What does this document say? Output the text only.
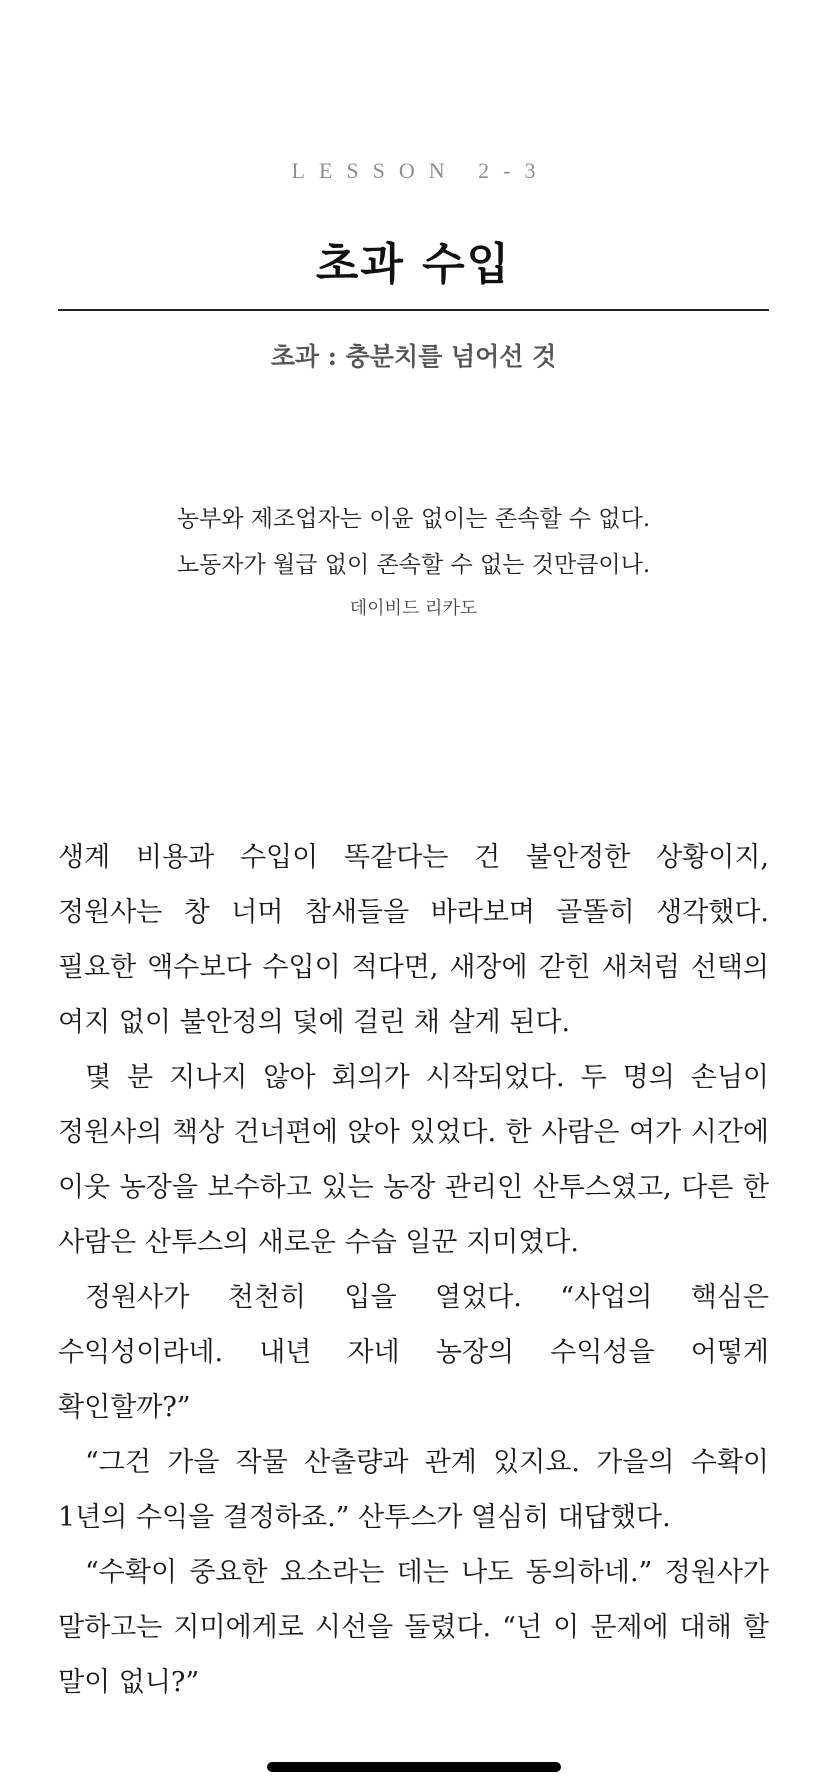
LESSON 2-3
초과 수입
초과 : 충분치를 넘어선 것
농부와 제조업자는 이윤 없이는 존속할 수 없다.
노동자가 월급 없이 존속할 수 없는 것만큼이나.
데이비드 리카도

생계 비용과 수입이 똑같다는 건 불안정한 상황이지, 정원사는 창 너머 참새들을 바라보며 골똘히 생각했다. 필요한 액수보다 수입이 적다면, 새장에 갇힌 새처럼 선택의 여지 없이 불안정의 덫에 걸린 채 살게 된다.

몇 분 지나지 않아 회의가 시작되었다. 두 명의 손님이 정원사의 책상 건너편에 앉아 있었다. 한 사람은 여가 시간에 이웃 농장을 보수하고 있는 농장 관리인 산투스였고, 다른 한 사람은 산투스의 새로운 수습 일꾼 지미였다.

정원사가 천천히 입을 열었다. “사업의 핵심은 수익성이라네. 내년 자네 농장의 수익성을 어떻게 확인할까?”

“그건 가을 작물 산출량과 관계 있지요. 가을의 수확이 1년의 수익을 결정하죠.” 산투스가 열심히 대답했다.

“수확이 중요한 요소라는 데는 나도 동의하네.” 정원사가 말하고는 지미에게로 시선을 돌렸다. “넌 이 문제에 대해 할 말이 없니?”
